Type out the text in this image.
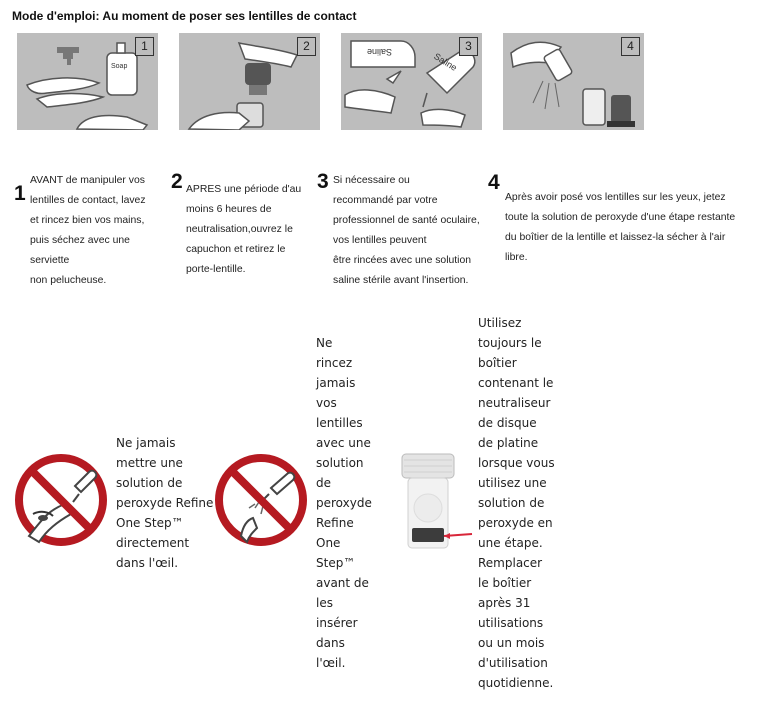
Mode d'emploi: Au moment de poser ses lentilles de contact
Soap
1	2	Saline	Saline
3	4
1
AVANT de manipuler vos
lentilles de contact, lavez
et rincez bien vos mains,
puis séchez avec une
serviette
non pelucheuse.
2 APRES une période d'au
moins 6 heures de
neutralisation,ouvrez le
capuchon et retirez le
porte-lentille.
3 Si nécessaire ou
recommandé par votre
professionnel de santé oculaire,
vos lentilles peuvent
être rincées avec une solution
saline stérile avant l'insertion.
4
Après avoir posé vos lentilles sur les yeux, jetez
toute la solution de peroxyde d'une étape restante
du boîtier de la lentille et laissez-la sécher à l'air
libre.
Ne jamais
mettre une
solution de
peroxyde Refine
One Step™
directement
dans l'œil.
Ne
rincez
jamais
vos
lentilles
avec une
solution
de
peroxyde
Refine
One
Step™
avant de
les
insérer
dans
l'œil.
Utilisez
toujours le
boîtier
contenant le
neutraliseur
de disque
de platine
lorsque vous
utilisez une
solution de
peroxyde en
une étape.
Remplacer
le boîtier
après 31
utilisations
ou un mois
d'utilisation
quotidienne.
